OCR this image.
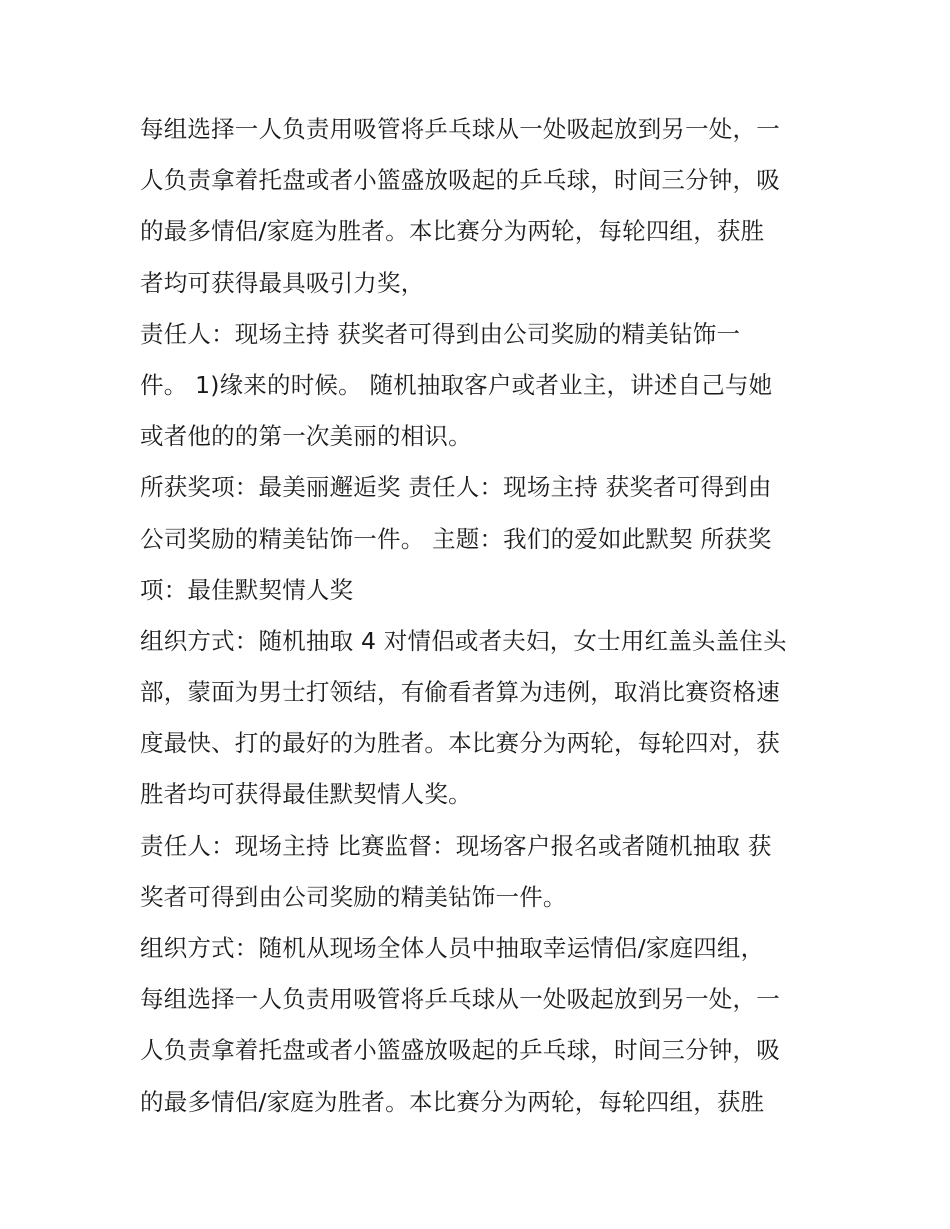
每组选择一人负责用吸管将乒乓球从一处吸起放到另一处，一
人负责拿着托盘或者小篮盛放吸起的乒乓球，时间三分钟，吸
的最多情侣/家庭为胜者。本比赛分为两轮，每轮四组，获胜
者均可获得最具吸引力奖，
责任人：现场主持 获奖者可得到由公司奖励的精美钻饰一
件。 1)缘来的时候。 随机抽取客户或者业主，讲述自己与她
或者他的的第一次美丽的相识。
所获奖项：最美丽邂逅奖 责任人：现场主持 获奖者可得到由
公司奖励的精美钻饰一件。 主题：我们的爱如此默契 所获奖
项：最佳默契情人奖
组织方式：随机抽取 4 对情侣或者夫妇，女士用红盖头盖住头
部，蒙面为男士打领结，有偷看者算为违例，取消比赛资格速
度最快、打的最好的为胜者。本比赛分为两轮，每轮四对，获
胜者均可获得最佳默契情人奖。
责任人：现场主持 比赛监督：现场客户报名或者随机抽取 获
奖者可得到由公司奖励的精美钻饰一件。
组织方式：随机从现场全体人员中抽取幸运情侣/家庭四组，
每组选择一人负责用吸管将乒乓球从一处吸起放到另一处，一
人负责拿着托盘或者小篮盛放吸起的乒乓球，时间三分钟，吸
的最多情侣/家庭为胜者。本比赛分为两轮，每轮四组，获胜
